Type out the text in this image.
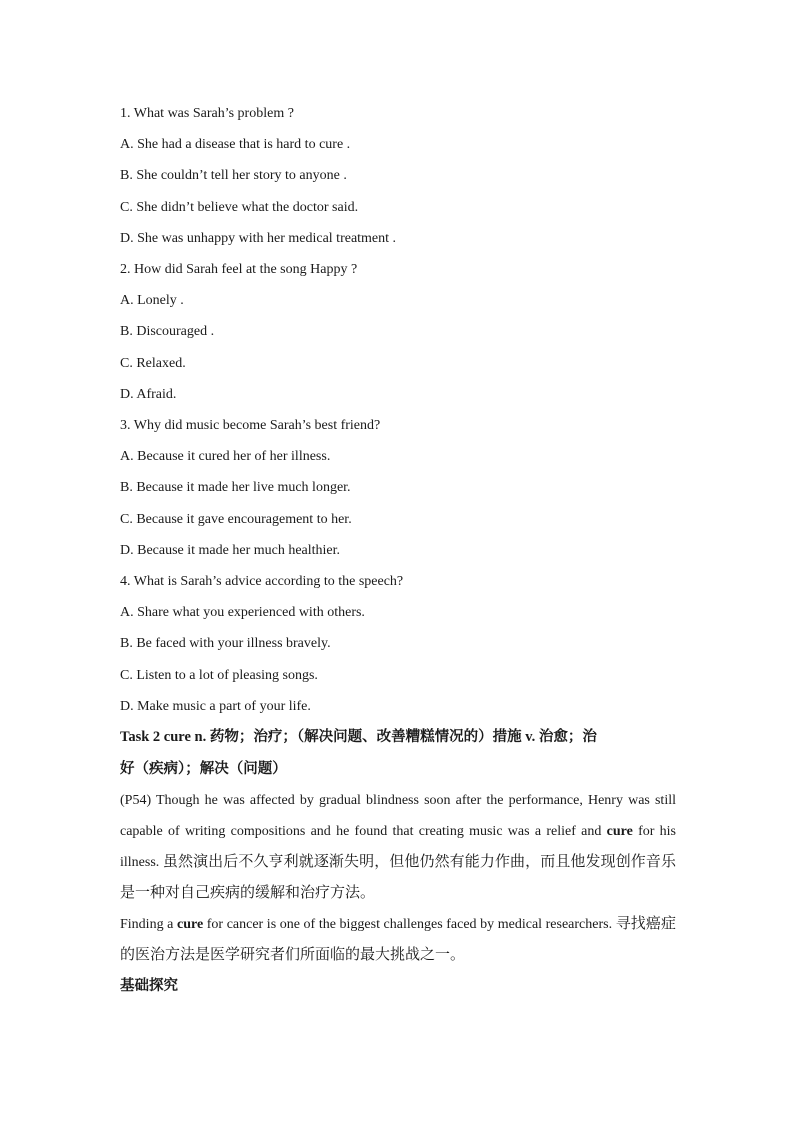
1. What was Sarah’s problem ?
A. She had a disease that is hard to cure .
B. She couldn’t tell her story to anyone .
C. She didn’t believe what the doctor said.
D. She was unhappy with her medical treatment .
2. How did Sarah feel at the song Happy ?
A. Lonely .
B. Discouraged .
C. Relaxed.
D. Afraid.
3. Why did music become Sarah’s best friend?
A. Because it cured her of her illness.
B. Because it made her live much longer.
C. Because it gave encouragement to her.
D. Because it made her much healthier.
4. What is Sarah’s advice according to the speech?
A. Share what you experienced with others.
B. Be faced with your illness bravely.
C. Listen to a lot of pleasing songs.
D. Make music a part of your life.
Task 2 cure n. 药物；治疗；（解决问题、改善糟糕情况的）措施 v. 治愈；治
好（疾病）；解决（问题）
(P54) Though he was affected by gradual blindness soon after the performance, Henry was still capable of writing compositions and he found that creating music was a relief and cure for his illness. 虽然演出后不久亨利就逐渐失明，但他仍然有能力作曲，而且他发现创作音乐是一种对自己疾病的缓解和治疗方法。
Finding a cure for cancer is one of the biggest challenges faced by medical researchers. 寻找癌症的医治方法是医学研究者们所面临的最大挑战之一。
基础探究
